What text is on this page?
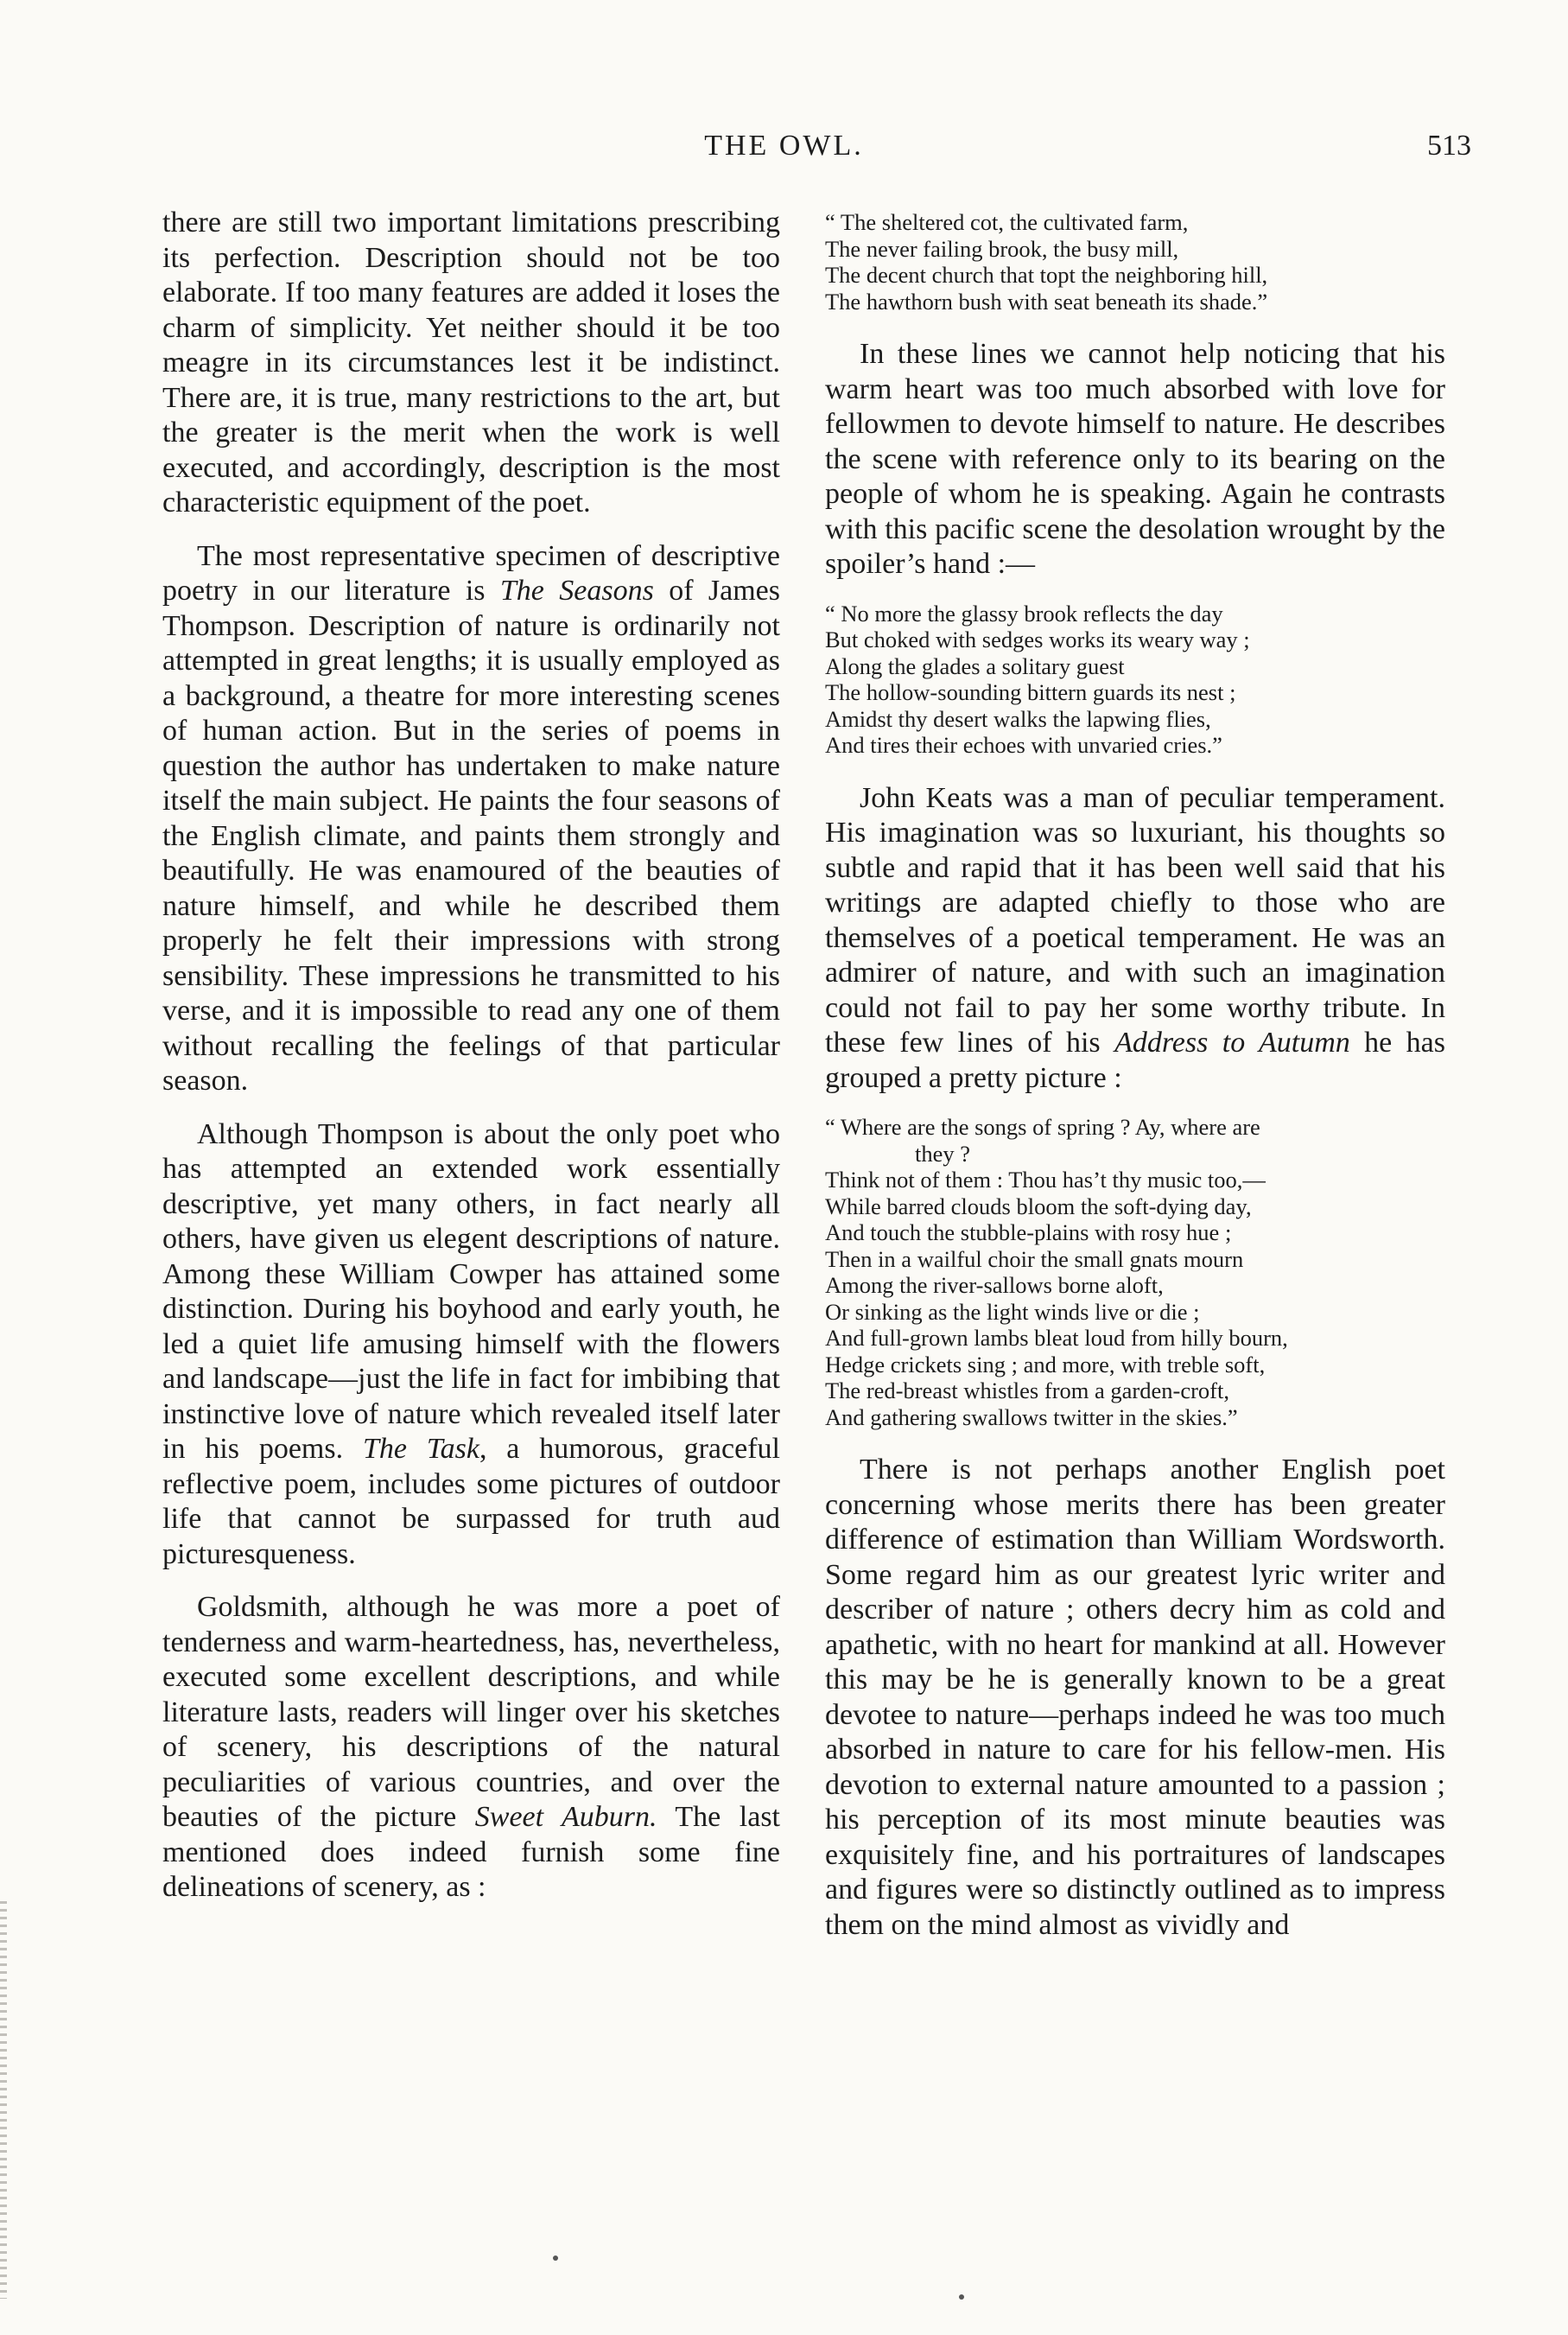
THE OWL.	513

there are still two important limitations prescribing its perfection. Description should not be too elaborate. If too many features are added it loses the charm of simplicity. Yet neither should it be too meagre in its circumstances lest it be indistinct. There are, it is true, many restrictions to the art, but the greater is the merit when the work is well executed, and accordingly, description is the most characteristic equipment of the poet.

The most representative specimen of descriptive poetry in our literature is The Seasons of James Thompson. Description of nature is ordinarily not attempted in great lengths; it is usually employed as a background, a theatre for more interesting scenes of human action. But in the series of poems in question the author has undertaken to make nature itself the main subject. He paints the four seasons of the English climate, and paints them strongly and beautifully. He was enamoured of the beauties of nature himself, and while he described them properly he felt their impressions with strong sensibility. These impressions he transmitted to his verse, and it is impossible to read any one of them without recalling the feelings of that particular season.

Although Thompson is about the only poet who has attempted an extended work essentially descriptive, yet many others, in fact nearly all others, have given us elegent descriptions of nature. Among these William Cowper has attained some distinction. During his boyhood and early youth, he led a quiet life amusing himself with the flowers and landscape—just the life in fact for imbibing that instinctive love of nature which revealed itself later in his poems. The Task, a humorous, graceful reflective poem, includes some pictures of outdoor life that cannot be surpassed for truth aud picturesqueness.

Goldsmith, although he was more a poet of tenderness and warm-heartedness, has, nevertheless, executed some excellent descriptions, and while literature lasts, readers will linger over his sketches of scenery, his descriptions of the natural peculiarities of various countries, and over the beauties of the picture Sweet Auburn. The last mentioned does indeed furnish some fine delineations of scenery, as :

“ The sheltered cot, the cultivated farm,
The never failing brook, the busy mill,
The decent church that topt the neighboring hill,
The hawthorn bush with seat beneath its shade.”

In these lines we cannot help noticing that his warm heart was too much absorbed with love for fellowmen to devote himself to nature. He describes the scene with reference only to its bearing on the people of whom he is speaking. Again he contrasts with this pacific scene the desolation wrought by the spoiler’s hand :—

“ No more the glassy brook reflects the day
But choked with sedges works its weary way ;
Along the glades a solitary guest
The hollow-sounding bittern guards its nest ;
Amidst thy desert walks the lapwing flies,
And tires their echoes with unvaried cries.”

John Keats was a man of peculiar temperament. His imagination was so luxuriant, his thoughts so subtle and rapid that it has been well said that his writings are adapted chiefly to those who are themselves of a poetical temperament. He was an admirer of nature, and with such an imagination could not fail to pay her some worthy tribute. In these few lines of his Address to Autumn he has grouped a pretty picture :

“ Where are the songs of spring ? Ay, where are
they ?
Think not of them : Thou has’t thy music too,—
While barred clouds bloom the soft-dying day,
And touch the stubble-plains with rosy hue ;
Then in a wailful choir the small gnats mourn
Among the river-sallows borne aloft,
Or sinking as the light winds live or die ;
And full-grown lambs bleat loud from hilly bourn,
Hedge crickets sing ; and more, with treble soft,
The red-breast whistles from a garden-croft,
And gathering swallows twitter in the skies.”

There is not perhaps another English poet concerning whose merits there has been greater difference of estimation than William Wordsworth. Some regard him as our greatest lyric writer and describer of nature ; others decry him as cold and apathetic, with no heart for mankind at all. However this may be he is generally known to be a great devotee to nature—perhaps indeed he was too much absorbed in nature to care for his fellow-men. His devotion to external nature amounted to a passion ; his perception of its most minute beauties was exquisitely fine, and his portraitures of landscapes and figures were so distinctly outlined as to impress them on the mind almost as vividly and
